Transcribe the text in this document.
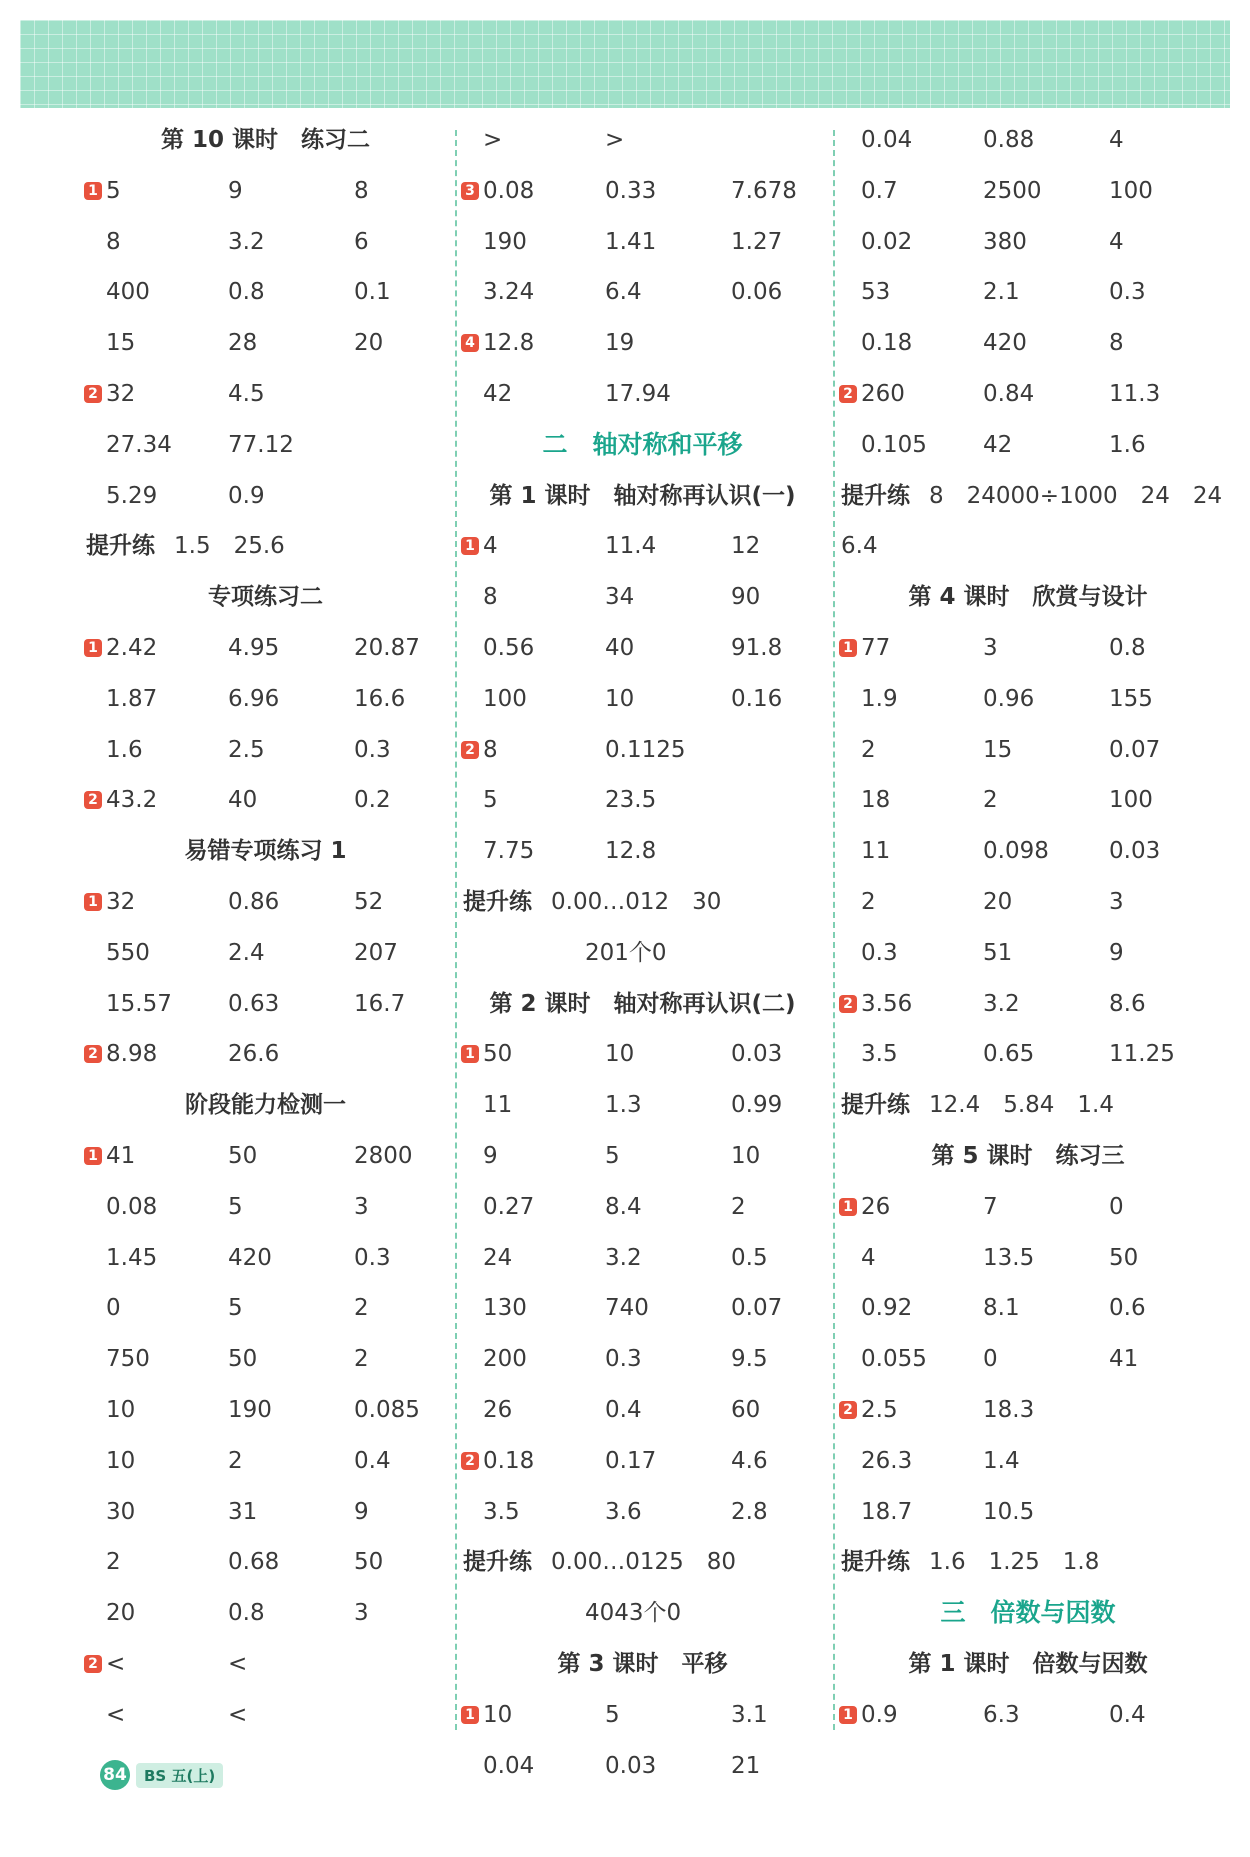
第 10 课时　练习二
1 5	9	8
8	3.2	6
400	0.8	0.1
15	28	20
2 32	4.5
27.34 77.12
5.29	0.9
提升练 1.5　25.6
专项练习二
1 2.42	4.95	20.87
1.87	6.96	16.6
1.6	2.5	0.3
2 43.2	40	0.2
易错专项练习 1
1 32	0.86	52
550	2.4	207
15.57 0.63	16.7
2 8.98	26.6
阶段能力检测一
1 41	50	2800
0.08	5	3
1.45	420	0.3
0	5	2
750	50	2
10	190	0.085
10	2	0.4
30	31	9
2	0.68	50
20	0.8	3
2 <	<
<	<
>	>
3 0.08	0.33	7.678
190	1.41	1.27
3.24	6.4	0.06
4 12.8	19
42	17.94
二　轴对称和平移
第 1 课时　轴对称再认识(一)
1 4	11.4	12
8	34	90
0.56	40	91.8
100	10	0.16
2 8	0.1125
5	23.5
7.75	12.8
提升练 0.00…012　30
201个0
第 2 课时　轴对称再认识(二)
1 50	10	0.03
11	1.3	0.99
9	5	10
0.27	8.4	2
24	3.2	0.5
130	740	0.07
200	0.3	9.5
26	0.4	60
2 0.18	0.17	4.6
3.5	3.6	2.8
提升练 0.00…0125　80
4043个0
第 3 课时　平移
1 10	5	3.1
0.04	0.03	21
0.04	0.88	4
0.7	2500	100
0.02	380	4
53	2.1	0.3
0.18	420	8
2 260	0.84	11.3
0.105 42	1.6
提升练 8　24000÷1000　24　24
6.4
第 4 课时　欣赏与设计
1 77	3	0.8
1.9	0.96	155
2	15	0.07
18	2	100
11	0.098	0.03
2	20	3
0.3	51	9
2 3.56	3.2	8.6
3.5	0.65	11.25
提升练 12.4　5.84　1.4
第 5 课时　练习三
1 26	7	0
4	13.5	50
0.92	8.1	0.6
0.055 0	41
2 2.5	18.3
26.3	1.4
18.7	10.5
提升练 1.6　1.25　1.8
三　倍数与因数
第 1 课时　倍数与因数
1 0.9	6.3	0.4
84	BS 五(上)
